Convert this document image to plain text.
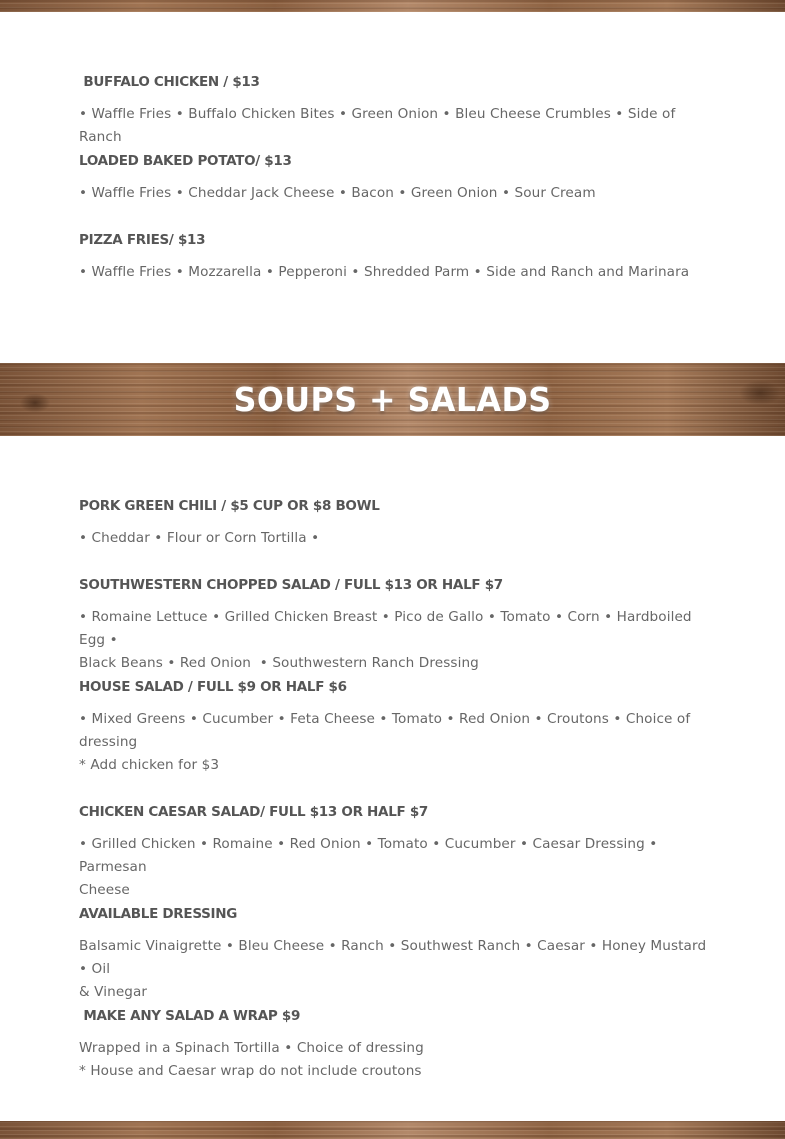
BUFFALO CHICKEN / $13
• Waffle Fries • Buffalo Chicken Bites • Green Onion • Bleu Cheese Crumbles • Side of Ranch
LOADED BAKED POTATO/ $13
• Waffle Fries • Cheddar Jack Cheese • Bacon • Green Onion • Sour Cream
PIZZA FRIES/ $13
• Waffle Fries • Mozzarella • Pepperoni • Shredded Parm • Side and Ranch and Marinara
SOUPS + SALADS
PORK GREEN CHILI / $5 CUP OR $8 BOWL
• Cheddar • Flour or Corn Tortilla •
SOUTHWESTERN CHOPPED SALAD / FULL $13 OR HALF $7
• Romaine Lettuce • Grilled Chicken Breast • Pico de Gallo • Tomato • Corn • Hardboiled Egg •
Black Beans • Red Onion  • Southwestern Ranch Dressing
HOUSE SALAD / FULL $9 OR HALF $6
• Mixed Greens • Cucumber • Feta Cheese • Tomato • Red Onion • Croutons • Choice of
dressing
* Add chicken for $3
CHICKEN CAESAR SALAD/ FULL $13 OR HALF $7
• Grilled Chicken • Romaine • Red Onion • Tomato • Cucumber • Caesar Dressing • Parmesan
Cheese
AVAILABLE DRESSING
Balsamic Vinaigrette • Bleu Cheese • Ranch • Southwest Ranch • Caesar • Honey Mustard • Oil
& Vinegar
MAKE ANY SALAD A WRAP $9
Wrapped in a Spinach Tortilla • Choice of dressing
* House and Caesar wrap do not include croutons
